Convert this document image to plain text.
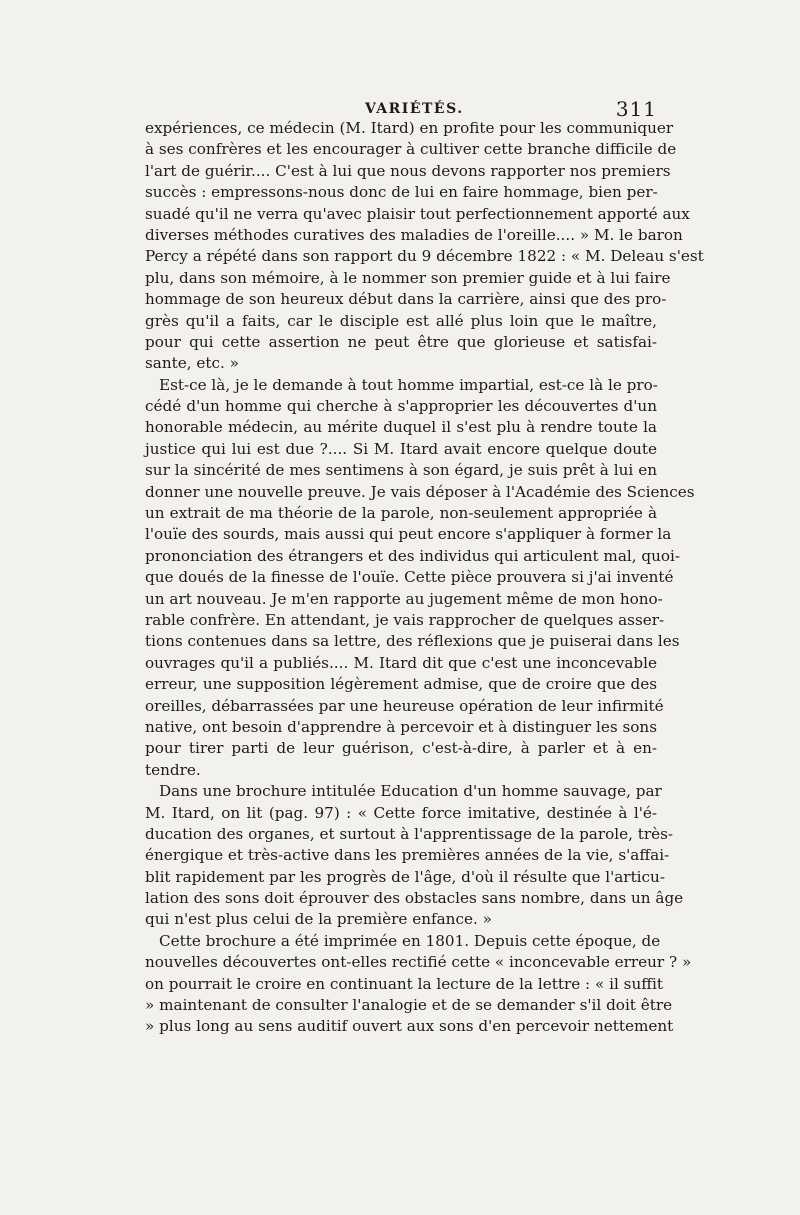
VARIÉTÉS.	311
expériences, ce médecin (M. Itard) en profite pour les communiquer
à ses confrères et les encourager à cultiver cette branche difficile de
l'art de guérir.... C'est à lui que nous devons rapporter nos premiers
succès : empressons-nous donc de lui en faire hommage, bien per-
suadé qu'il ne verra qu'avec plaisir tout perfectionnement apporté aux
diverses méthodes curatives des maladies de l'oreille.... » M. le baron
Percy a répété dans son rapport du 9 décembre 1822 : « M. Deleau s'est
plu, dans son mémoire, à le nommer son premier guide et à lui faire
hommage de son heureux début dans la carrière, ainsi que des pro-
grès qu'il a faits, car le disciple est allé plus loin que le maître,
pour qui cette assertion ne peut être que glorieuse et satisfai-
sante, etc. »
Est-ce là, je le demande à tout homme impartial, est-ce là le pro-
cédé d'un homme qui cherche à s'approprier les découvertes d'un
honorable médecin, au mérite duquel il s'est plu à rendre toute la
justice qui lui est due ?.... Si M. Itard avait encore quelque doute
sur la sincérité de mes sentimens à son égard, je suis prêt à lui en
donner une nouvelle preuve. Je vais déposer à l'Académie des Sciences
un extrait de ma théorie de la parole, non-seulement appropriée à
l'ouïe des sourds, mais aussi qui peut encore s'appliquer à former la
prononciation des étrangers et des individus qui articulent mal, quoi-
que doués de la finesse de l'ouïe. Cette pièce prouvera si j'ai inventé
un art nouveau. Je m'en rapporte au jugement même de mon hono-
rable confrère. En attendant, je vais rapprocher de quelques asser-
tions contenues dans sa lettre, des réflexions que je puiserai dans les
ouvrages qu'il a publiés.... M. Itard dit que c'est une inconcevable
erreur, une supposition légèrement admise, que de croire que des
oreilles, débarrassées par une heureuse opération de leur infirmité
native, ont besoin d'apprendre à percevoir et à distinguer les sons
pour tirer parti de leur guérison, c'est-à-dire, à parler et à en-
tendre.
Dans une brochure intitulée Education d'un homme sauvage, par
M. Itard, on lit (pag. 97) : « Cette force imitative, destinée à l'é-
ducation des organes, et surtout à l'apprentissage de la parole, très-
énergique et très-active dans les premières années de la vie, s'affai-
blit rapidement par les progrès de l'âge, d'où il résulte que l'articu-
lation des sons doit éprouver des obstacles sans nombre, dans un âge
qui n'est plus celui de la première enfance. »
Cette brochure a été imprimée en 1801. Depuis cette époque, de
nouvelles découvertes ont-elles rectifié cette « inconcevable erreur ? »
on pourrait le croire en continuant la lecture de la lettre : « il suffit
» maintenant de consulter l'analogie et de se demander s'il doit être
» plus long au sens auditif ouvert aux sons d'en percevoir nettement
